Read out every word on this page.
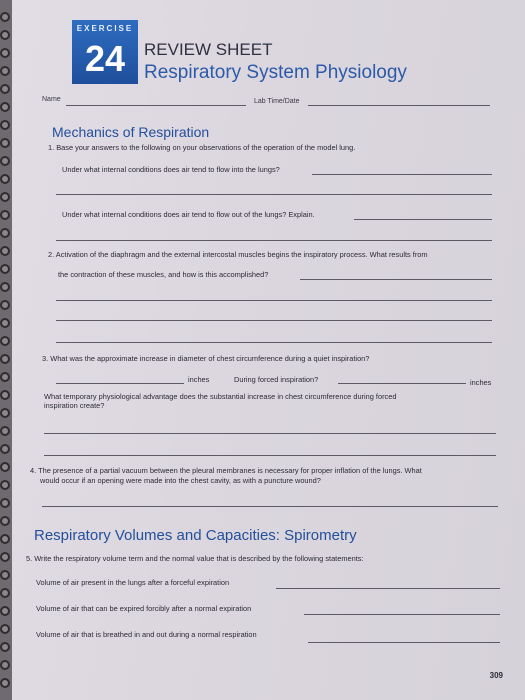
EXERCISE
24	REVIEW SHEET
Respiratory System Physiology
Name	Lab Time/Date
Mechanics of Respiration
1. Base your answers to the following on your observations of the operation of the model lung.
Under what internal conditions does air tend to flow into the lungs?
Under what internal conditions does air tend to flow out of the lungs? Explain.
2. Activation of the diaphragm and the external intercostal muscles begins the inspiratory process. What results from
the contraction of these muscles, and how is this accomplished?
3. What was the approximate increase in diameter of chest circumference during a quiet inspiration?
inches	During forced inspiration?	inches
What temporary physiological advantage does the substantial increase in chest circumference during forced
inspiration create?
4. The presence of a partial vacuum between the pleural membranes is necessary for proper inflation of the lungs. What
would occur if an opening were made into the chest cavity, as with a puncture wound?
Respiratory Volumes and Capacities: Spirometry
5. Write the respiratory volume term and the normal value that is described by the following statements:
Volume of air present in the lungs after a forceful expiration
Volume of air that can be expired forcibly after a normal expiration
Volume of air that is breathed in and out during a normal respiration
309
